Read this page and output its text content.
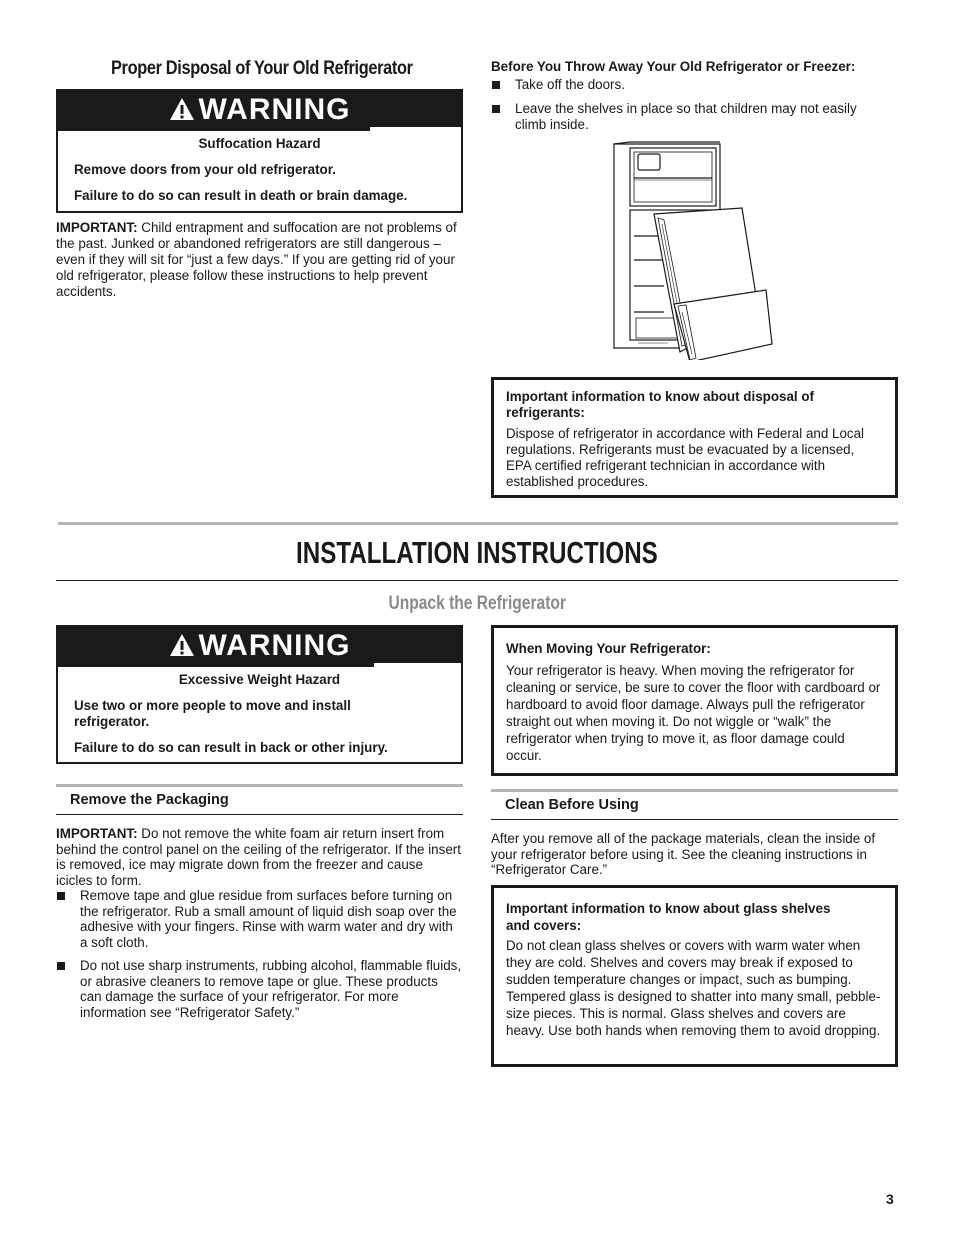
Proper Disposal of Your Old Refrigerator
WARNING

Suffocation Hazard

Remove doors from your old refrigerator.

Failure to do so can result in death or brain damage.

IMPORTANT: Child entrapment and suffocation are not problems of the past. Junked or abandoned refrigerators are still dangerous – even if they will sit for “just a few days.” If you are getting rid of your old refrigerator, please follow these instructions to help prevent accidents.

Before You Throw Away Your Old Refrigerator or Freezer:
Take off the doors.
Leave the shelves in place so that children may not easily climb inside.
Important information to know about disposal of refrigerants:
Dispose of refrigerator in accordance with Federal and Local regulations. Refrigerants must be evacuated by a licensed, EPA certified refrigerant technician in accordance with established procedures.
INSTALLATION INSTRUCTIONS
Unpack the Refrigerator
WARNING

Excessive Weight Hazard

Use two or more people to move and install refrigerator.

Failure to do so can result in back or other injury.

When Moving Your Refrigerator:
Your refrigerator is heavy. When moving the refrigerator for cleaning or service, be sure to cover the floor with cardboard or hardboard to avoid floor damage. Always pull the refrigerator straight out when moving it. Do not wiggle or “walk” the refrigerator when trying to move it, as floor damage could occur.
Remove the Packaging

IMPORTANT: Do not remove the white foam air return insert from behind the control panel on the ceiling of the refrigerator. If the insert is removed, ice may migrate down from the freezer and cause icicles to form.

Remove tape and glue residue from surfaces before turning on the refrigerator. Rub a small amount of liquid dish soap over the adhesive with your fingers. Rinse with warm water and dry with a soft cloth.
Do not use sharp instruments, rubbing alcohol, flammable fluids, or abrasive cleaners to remove tape or glue. These products can damage the surface of your refrigerator. For more information see “Refrigerator Safety.”
Clean Before Using
After you remove all of the package materials, clean the inside of your refrigerator before using it. See the cleaning instructions in “Refrigerator Care.”
Important information to know about glass shelves and covers:
Do not clean glass shelves or covers with warm water when they are cold. Shelves and covers may break if exposed to sudden temperature changes or impact, such as bumping. Tempered glass is designed to shatter into many small, pebble-size pieces. This is normal. Glass shelves and covers are heavy. Use both hands when removing them to avoid dropping.
3
